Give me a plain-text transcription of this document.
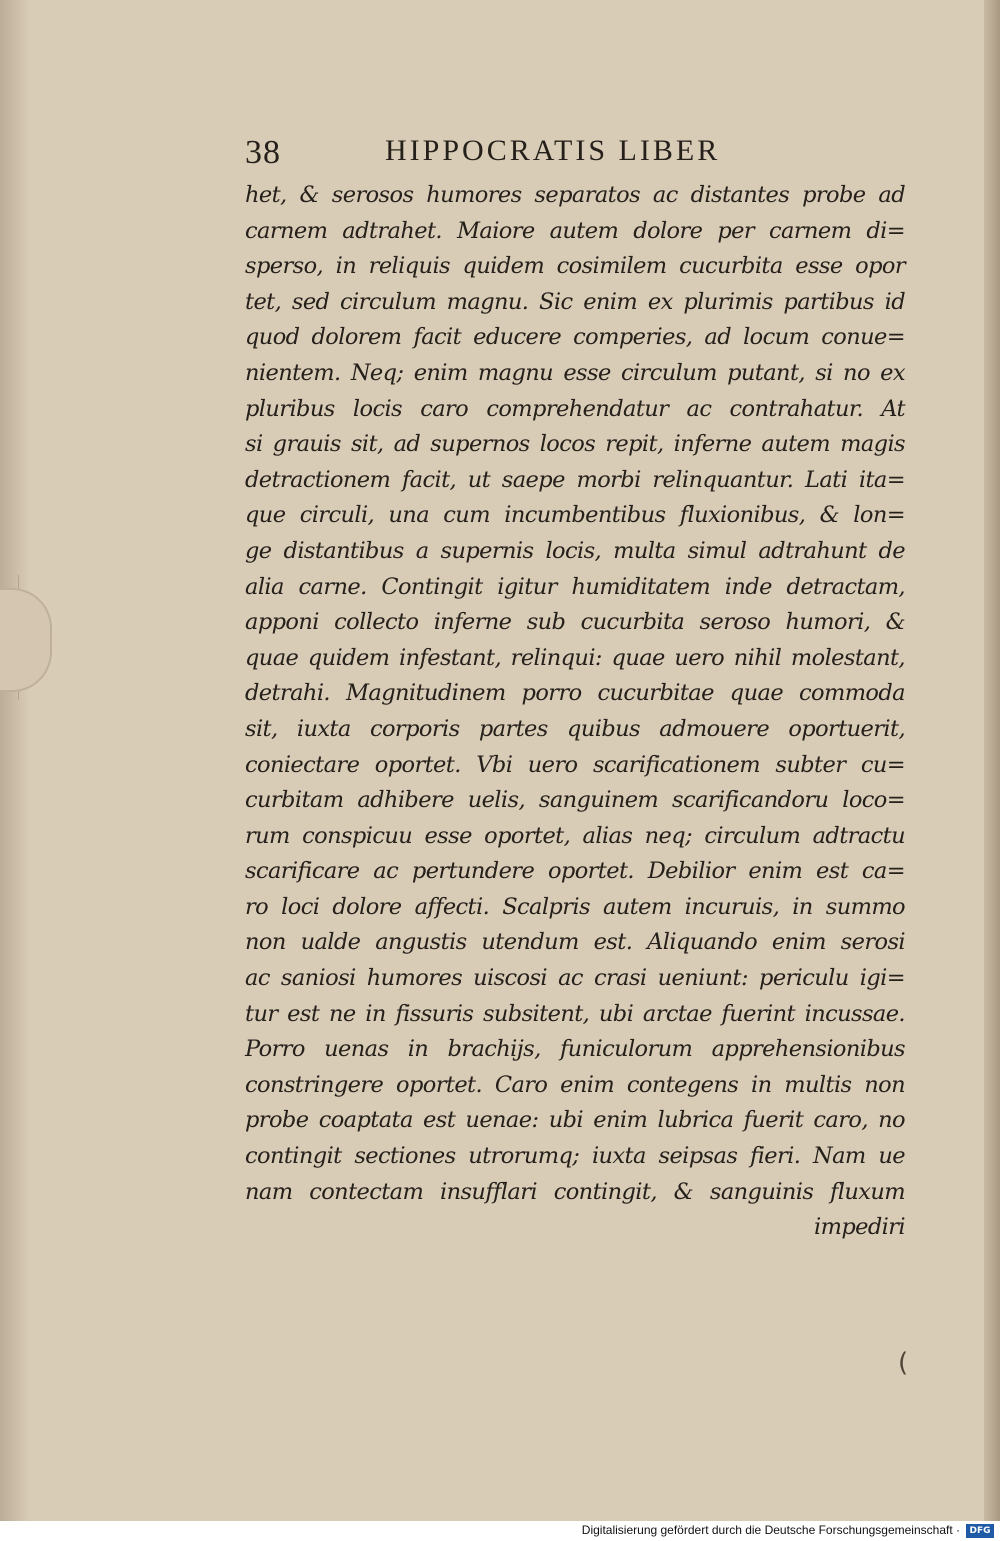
38	HIPPOCRATIS LIBER
het, & serosos humores separatos ac distantes probe ad
carnem adtrahet. Maiore autem dolore per carnem di=
sperso, in reliquis quidem cosimilem cucurbita esse opor
tet, sed circulum magnu. Sic enim ex plurimis partibus id
quod dolorem facit educere comperies, ad locum conue=
nientem. Neq; enim magnu esse circulum putant, si no ex
pluribus locis caro comprehendatur ac contrahatur. At
si grauis sit, ad supernos locos repit, inferne autem magis
detractionem facit, ut saepe morbi relinquantur. Lati ita=
que circuli, una cum incumbentibus fluxionibus, & lon=
ge distantibus a supernis locis, multa simul adtrahunt de
alia carne. Contingit igitur humiditatem inde detractam,
apponi collecto inferne sub cucurbita seroso humori, &
quae quidem infestant, relinqui: quae uero nihil molestant,
detrahi. Magnitudinem porro cucurbitae quae commoda
sit, iuxta corporis partes quibus admouere oportuerit,
coniectare oportet. Vbi uero scarificationem subter cu=
curbitam adhibere uelis, sanguinem scarificandoru loco=
rum conspicuu esse oportet, alias neq; circulum adtractu
scarificare ac pertundere oportet. Debilior enim est ca=
ro loci dolore affecti. Scalpris autem incuruis, in summo
non ualde angustis utendum est. Aliquando enim serosi
ac saniosi humores uiscosi ac crasi ueniunt: periculu igi=
tur est ne in fissuris subsitent, ubi arctae fuerint incussae.
Porro uenas in brachijs, funiculorum apprehensionibus
constringere oportet. Caro enim contegens in multis non
probe coaptata est uenae: ubi enim lubrica fuerit caro, no
contingit sectiones utrorumq; iuxta seipsas fieri. Nam ue
nam contectam insufflari contingit, & sanguinis fluxum
impediri
(
Digitalisierung gefördert durch die Deutsche Forschungsgemeinschaft ·	DFG
